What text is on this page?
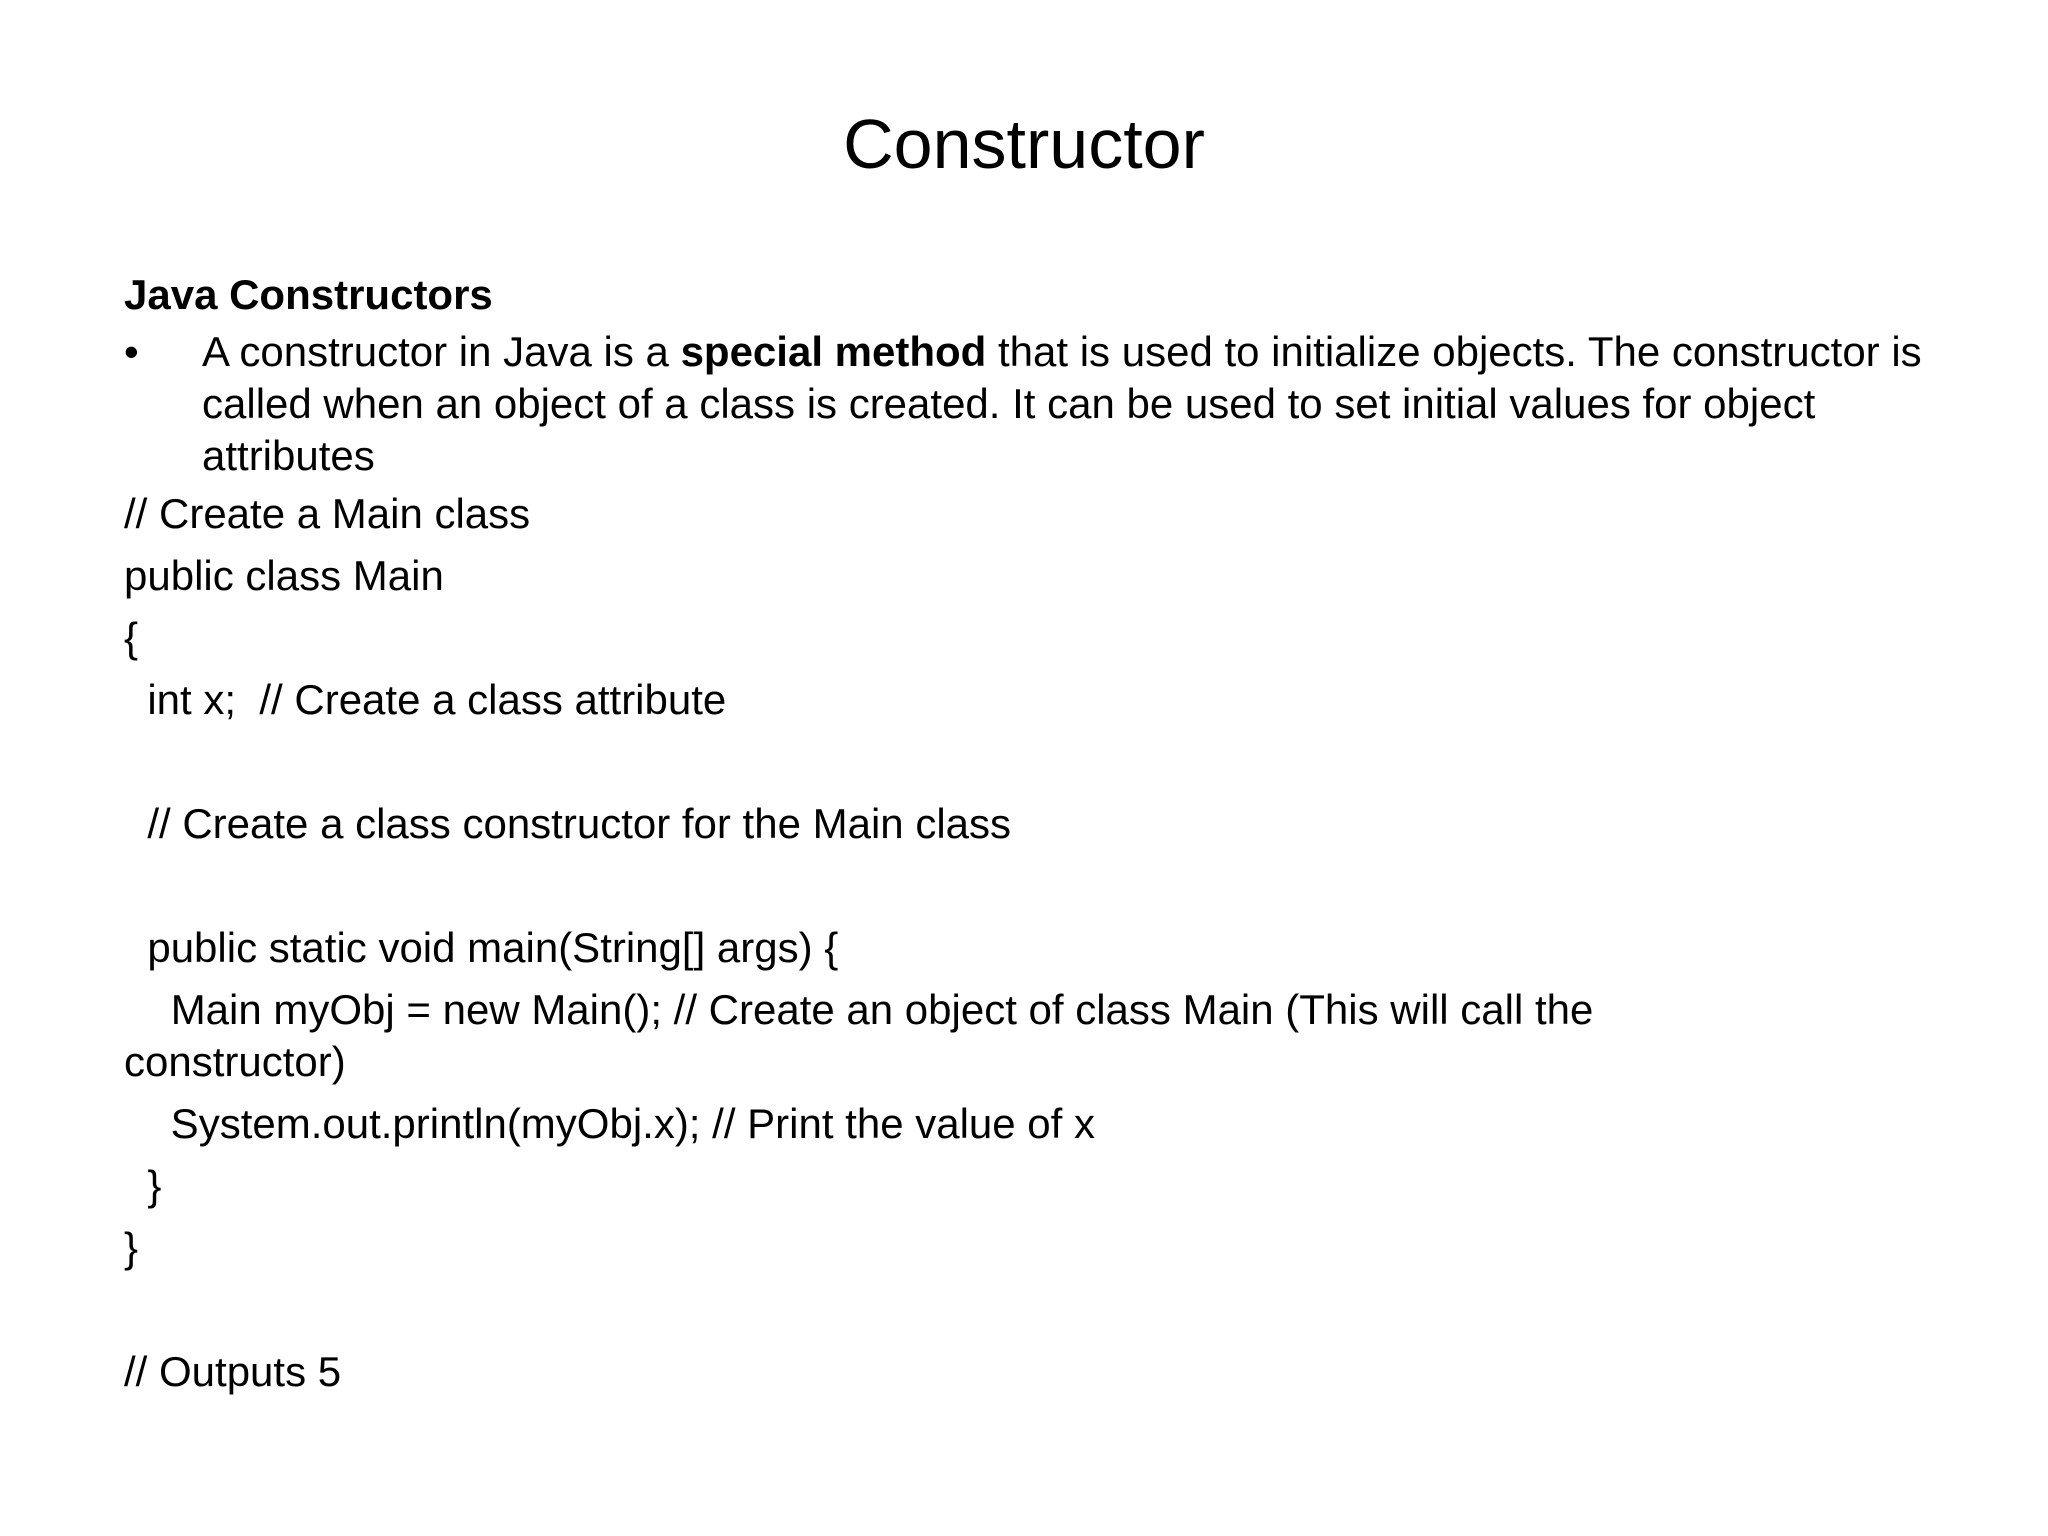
Constructor
Java Constructors
•	A constructor in Java is a special method that is used to initialize objects. The constructor is called when an object of a class is created. It can be used to set initial values for object attributes
// Create a Main class
public class Main
{
int x;  // Create a class attribute
// Create a class constructor for the Main class
public static void main(String[] args) {
Main myObj = new Main(); // Create an object of class Main (This will call the constructor)
System.out.println(myObj.x); // Print the value of x
}
}
// Outputs 5
